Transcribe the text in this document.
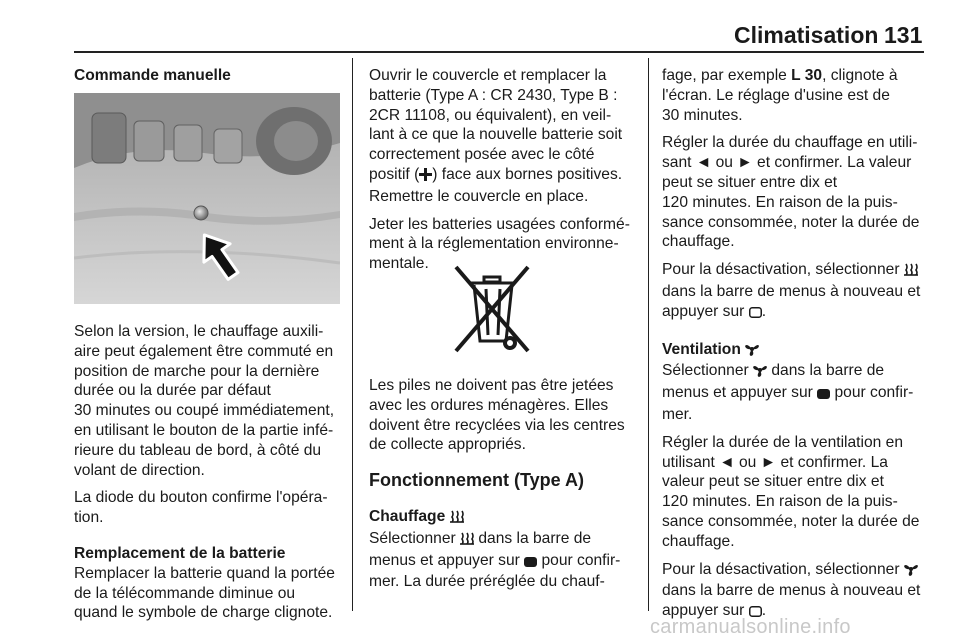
Climatisation 131

Commande manuelle

Selon la version, le chauffage auxili-

aire peut également être commuté en

position de marche pour la dernière

durée ou la durée par défaut

30 minutes ou coupé immédiatement,

en utilisant le bouton de la partie infé-

rieure du tableau de bord, à côté du

volant de direction.

La diode du bouton confirme l'opéra-

tion.

Remplacement de la batterie

Remplacer la batterie quand la portée

de la télécommande diminue ou

quand le symbole de charge clignote.

Ouvrir le couvercle et remplacer la

batterie (Type A : CR 2430, Type B :

2CR 11108, ou équivalent), en veil-

lant à ce que la nouvelle batterie soit

correctement posée avec le côté

positif ( ) face aux bornes positives.

Remettre le couvercle en place.

Jeter les batteries usagées conformé-

ment à la réglementation environne-

mentale.

Les piles ne doivent pas être jetées

avec les ordures ménagères. Elles

doivent être recyclées via les centres

de collecte appropriés.

Fonctionnement (Type A)

Chauffage

Sélectionner  dans la barre de

menus et appuyer sur  pour confir-

mer. La durée préréglée du chauf-

fage, par exemple L 30, clignote à

l'écran. Le réglage d'usine est de

30 minutes.

Régler la durée du chauffage en utili-

sant ◄ ou ► et confirmer. La valeur

peut se situer entre dix et

120 minutes. En raison de la puis-

sance consommée, noter la durée de

chauffage.

Pour la désactivation, sélectionner

dans la barre de menus à nouveau et

appuyer sur .

Ventilation

Sélectionner  dans la barre de

menus et appuyer sur  pour confir-

mer.

Régler la durée de la ventilation en

utilisant ◄ ou ► et confirmer. La

valeur peut se situer entre dix et

120 minutes. En raison de la puis-

sance consommée, noter la durée de

chauffage.

Pour la désactivation, sélectionner

dans la barre de menus à nouveau et

appuyer sur .

carmanualsonline.info
